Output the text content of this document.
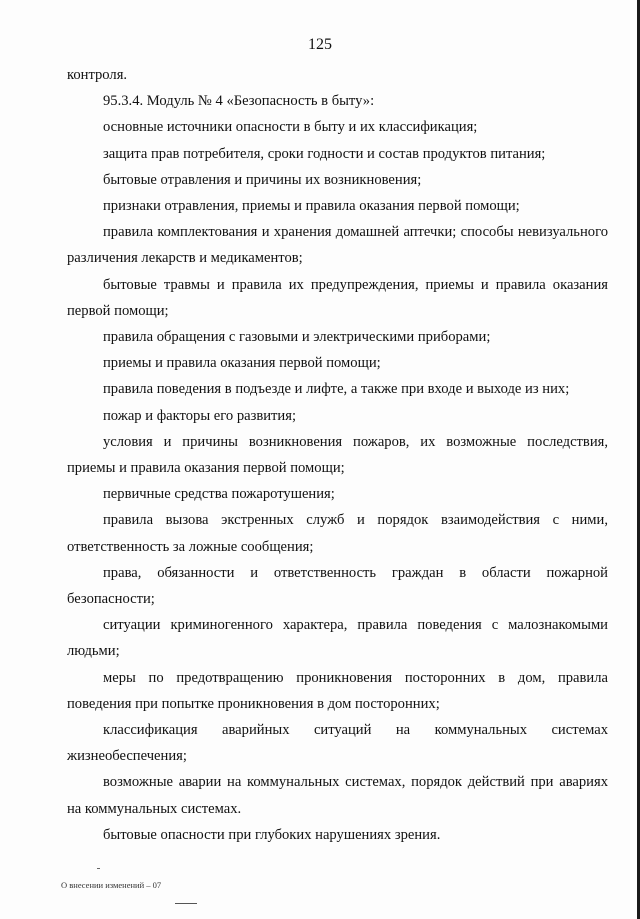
125

контроля.

95.3.4. Модуль № 4 «Безопасность в быту»:

основные источники опасности в быту и их классификация;

защита прав потребителя, сроки годности и состав продуктов питания;

бытовые отравления и причины их возникновения;

признаки отравления, приемы и правила оказания первой помощи;

правила комплектования и хранения домашней аптечки; способы невизуального различения лекарств и медикаментов;

бытовые травмы и правила их предупреждения, приемы и правила оказания первой помощи;

правила обращения с газовыми и электрическими приборами;

приемы и правила оказания первой помощи;

правила поведения в подъезде и лифте, а также при входе и выходе из них;

пожар и факторы его развития;

условия и причины возникновения пожаров, их возможные последствия, приемы и правила оказания первой помощи;

первичные средства пожаротушения;

правила вызова экстренных служб и порядок взаимодействия с ними, ответственность за ложные сообщения;

права, обязанности и ответственность граждан в области пожарной безопасности;

ситуации криминогенного характера, правила поведения с малознакомыми людьми;

меры по предотвращению проникновения посторонних в дом, правила поведения при попытке проникновения в дом посторонних;

классификация аварийных ситуаций на коммунальных системах жизнеобеспечения;

возможные аварии на коммунальных системах, порядок действий при авариях на коммунальных системах.

бытовые опасности при глубоких нарушениях зрения.

О внесении изменений – 07
